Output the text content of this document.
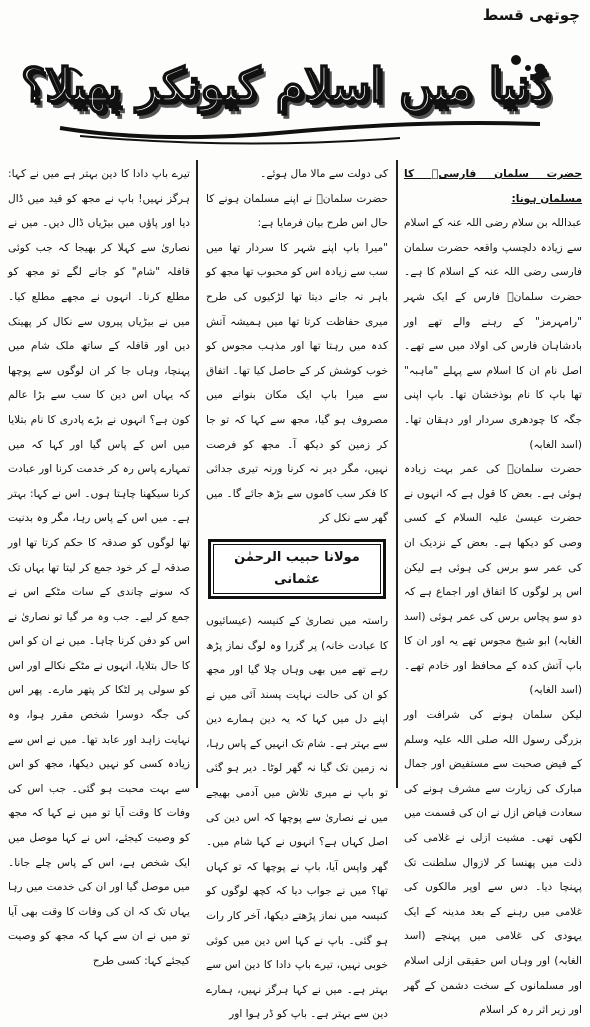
چوتھی قسط
دُنیا میں اسلام کیونکر پھیلا؟

حضرت سلمان فارسیؓ کا مسلمان ہونا:

عبداللہ بن سلام رضی اللہ عنہ کے اسلام سے زیادہ دلچسپ واقعہ حضرت سلمان فارسی رضی اللہ عنہ کے اسلام کا ہے۔ حضرت سلمانؓ فارس کے ایک شہر "رامہرمز" کے رہنے والے تھے اور بادشاہان فارس کی اولاد میں سے تھے۔ اصل نام ان کا اسلام سے پہلے "ماہبہ" تھا باپ کا نام بوذخشان تھا۔ باپ اپنی جگہ کا چودھری سردار اور دہقان تھا۔ (اسد الغابہ)

حضرت سلمانؓ کی عمر بہت زیادہ ہوئی ہے۔ بعض کا قول ہے کہ انہوں نے حضرت عیسیٰ علیہ السلام کے کسی وصی کو دیکھا ہے۔ بعض کے نزدیک ان کی عمر سو برس کی ہوئی ہے لیکن اس پر لوگوں کا اتفاق اور اجماع ہے کہ دو سو پچاس برس کی عمر ہوئی (اسد الغابہ) ابو شیخ مجوس تھے یہ اور ان کا باپ آتش کدہ کے محافظ اور خادم تھے۔ (اسد الغابہ)

لیکن سلمان ہونے کی شرافت اور بزرگی رسول اللہ صلی اللہ علیہ وسلم کے فیض صحبت سے مستفیض اور جمال مبارک کی زیارت سے مشرف ہونے کی سعادت فیاض ازل نے ان کی قسمت میں لکھی تھی۔ مشیت ازلی نے غلامی کی ذلت میں پھنسا کر لازوال سلطنت تک پہنچا دیا۔ دس سے اوپر مالکوں کی غلامی میں رہنے کے بعد مدینہ کے ایک یہودی کی غلامی میں پہنچے (اسد الغابہ) اور وہاں اس حقیقی ازلی اسلام اور مسلمانوں کے سخت دشمن کے گھر اور زیر اثر رہ کر اسلام

کی دولت سے مالا مال ہوئے۔

حضرت سلمانؓ نے اپنے مسلمان ہونے کا حال اس طرح بیان فرمایا ہے:

"میرا باپ اپنے شہر کا سردار تھا میں سب سے زیادہ اس کو محبوب تھا مجھ کو باہر نہ جانے دیتا تھا لڑکیوں کی طرح میری حفاظت کرتا تھا میں ہمیشہ آتش کدہ میں رہتا تھا اور مذہب مجوس کو خوب کوشش کر کے حاصل کیا تھا۔ اتفاق سے میرا باپ ایک مکان بنوانے میں مصروف ہو گیا، مجھ سے کہا کہ تو جا کر زمین کو دیکھ آ۔ مجھ کو فرصت نہیں، مگر دیر نہ کرنا ورنہ تیری جدائی کا فکر سب کاموں سے بڑھ جائے گا۔ میں گھر سے نکل کر

مولانا حبیب الرحمٰن عثمانی

راستہ میں نصاریٰ کے کنیسہ (عیسائیوں کا عبادت خانہ) پر گزرا وہ لوگ نماز پڑھ رہے تھے میں بھی وہاں چلا گیا اور مجھ کو ان کی حالت نہایت پسند آئی میں نے اپنے دل میں کہا کہ یہ دین ہمارے دین سے بہتر ہے۔ شام تک انہیں کے پاس رہا، نہ زمین تک گیا نہ گھر لوٹا۔ دیر ہو گئی تو باپ نے میری تلاش میں آدمی بھیجے میں نے نصاریٰ سے پوچھا کہ اس دین کی اصل کہاں ہے؟ انہوں نے کہا شام میں۔ گھر واپس آیا، باپ نے پوچھا کہ تو کہاں تھا؟ میں نے جواب دیا کہ کچھ لوگوں کو کنیسہ میں نماز پڑھتے دیکھا، آخر کار رات ہو گئی۔ باپ نے کہا اس دین میں کوئی خوبی نہیں، تیرے باپ دادا کا دین اس سے بہتر ہے۔ میں نے کہا ہرگز نہیں، ہمارے دین سے بہتر ہے۔ باپ کو ڈر ہوا اور

تیرے باپ دادا کا دین بہتر ہے میں نے کہا: ہرگز نہیں! باپ نے مجھ کو قید میں ڈال دیا اور پاؤں میں بیڑیاں ڈال دیں۔ میں نے نصاریٰ سے کہلا کر بھیجا کہ جب کوئی قافلہ "شام" کو جانے لگے تو مجھ کو مطلع کرنا۔ انہوں نے مجھے مطلع کیا۔ میں نے بیڑیاں پیروں سے نکال کر پھینک دیں اور قافلہ کے ساتھ ملک شام میں پہنچا، وہاں جا کر ان لوگوں سے پوچھا کہ یہاں اس دین کا سب سے بڑا عالم کون ہے؟ انہوں نے بڑے پادری کا نام بتلایا میں اس کے پاس گیا اور کہا کہ میں تمہارے پاس رہ کر خدمت کرنا اور عبادت کرنا سیکھنا چاہتا ہوں۔ اس نے کہا: بہتر ہے۔ میں اس کے پاس رہا، مگر وہ بدنیت تھا لوگوں کو صدقہ کا حکم کرتا تھا اور صدقہ لے کر خود جمع کر لیتا تھا یہاں تک کہ سونے چاندی کے سات مٹکے اس نے جمع کر لیے۔ جب وہ مر گیا تو نصاریٰ نے اس کو دفن کرنا چاہا۔ میں نے ان کو اس کا حال بتلایا، انہوں نے مٹکے نکالے اور اس کو سولی پر لٹکا کر پتھر مارے۔ پھر اس کی جگہ دوسرا شخص مقرر ہوا، وہ نہایت زاہد اور عابد تھا۔ میں نے اس سے زیادہ کسی کو نہیں دیکھا، مجھ کو اس سے بہت محبت ہو گئی۔ جب اس کی وفات کا وقت آیا تو میں نے کہا کہ مجھ کو وصیت کیجئے، اس نے کہا موصل میں ایک شخص ہے، اس کے پاس چلے جانا۔ میں موصل گیا اور ان کی خدمت میں رہا یہاں تک کہ ان کی وفات کا وقت بھی آیا تو میں نے ان سے کہا کہ مجھ کو وصیت کیجئے کہا: کسی طرح
